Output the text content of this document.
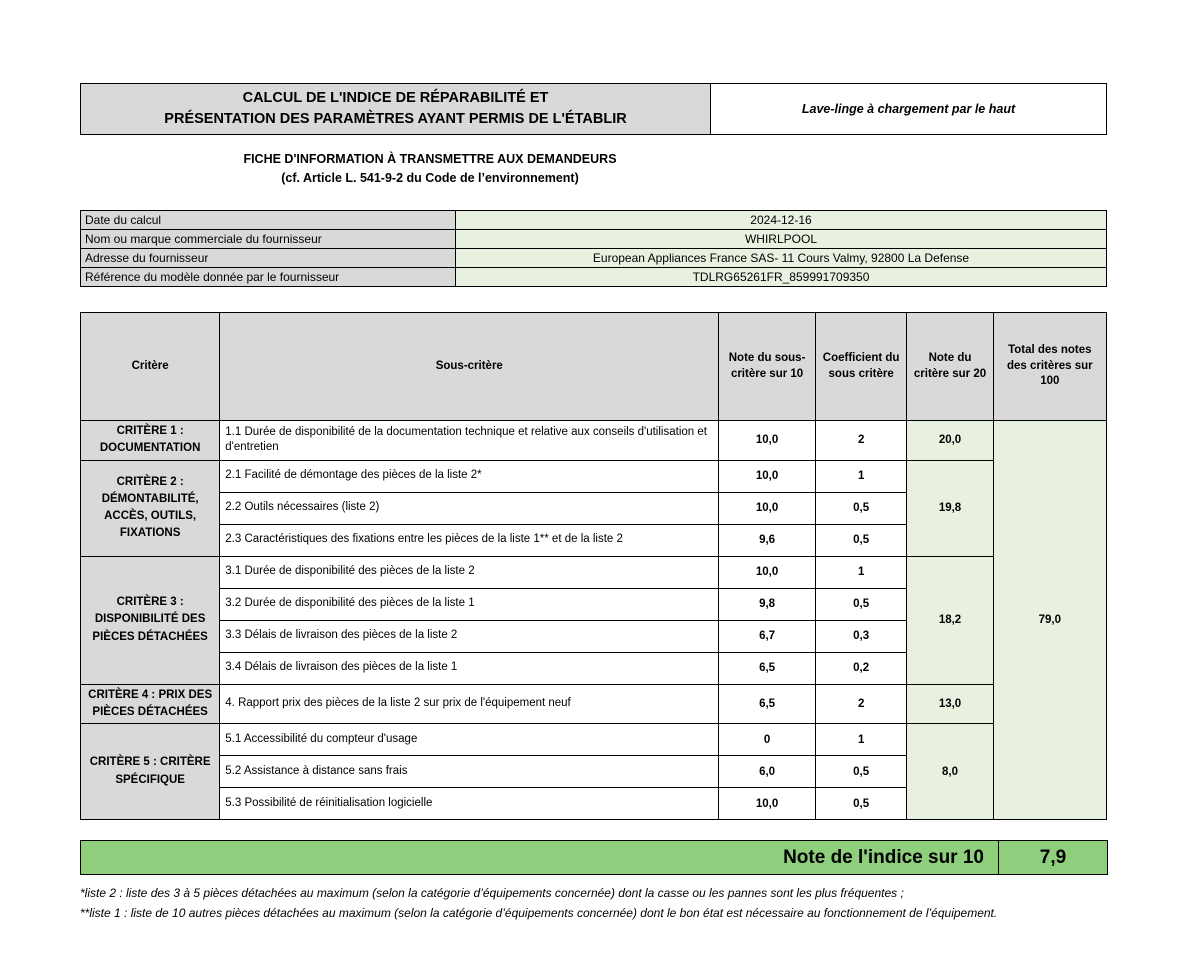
CALCUL DE L'INDICE DE RÉPARABILITÉ ET
PRÉSENTATION DES PARAMÈTRES AYANT PERMIS DE L'ÉTABLIR
Lave-linge à chargement par le haut
FICHE D'INFORMATION À TRANSMETTRE AUX DEMANDEURS
(cf. Article L. 541-9-2 du Code de l’environnement)
Date du calcul	2024-12-16
Nom ou marque commerciale du fournisseur	WHIRLPOOL
Adresse du fournisseur	European Appliances France SAS- 11 Cours Valmy, 92800 La Defense
Référence du modèle donnée par le fournisseur	TDLRG65261FR_859991709350
Critère	Sous-critère	Note du sous-critère sur 10	Coefficient du sous critère	Note du critère sur 20	Total des notes des critères sur 100
CRITÈRE 1 : DOCUMENTATION	1.1 Durée de disponibilité de la documentation technique et relative aux conseils d'utilisation et d'entretien	10,0	2	20,0	79,0
CRITÈRE 2 : DÉMONTABILITÉ, ACCÈS, OUTILS, FIXATIONS	2.1 Facilité de démontage des pièces de la liste 2*	10,0	1	19,8	
	2.2 Outils nécessaires (liste 2)	10,0	0,5		
	2.3 Caractéristiques des fixations entre les pièces de la liste 1** et de la liste 2	9,6	0,5		
CRITÈRE 3 : DISPONIBILITÉ DES PIÈCES DÉTACHÉES	3.1 Durée de disponibilité des pièces de la liste 2	10,0	1	18,2	
	3.2 Durée de disponibilité des pièces de la liste 1	9,8	0,5		
	3.3 Délais de livraison des pièces de la liste 2	6,7	0,3		
	3.4 Délais de livraison des pièces de la liste 1	6,5	0,2		
CRITÈRE 4 : PRIX DES PIÈCES DÉTACHÉES	4. Rapport prix des pièces de la liste 2 sur prix de l'équipement neuf	6,5	2	13,0	
CRITÈRE 5 : CRITÈRE SPÉCIFIQUE	5.1 Accessibilité du compteur d'usage	0	1	8,0	
	5.2 Assistance à distance sans frais	6,0	0,5		
	5.3 Possibilité de réinitialisation logicielle	10,0	0,5		
Note de l'indice sur 10	7,9

*liste 2 : liste des 3 à 5 pièces détachées au maximum (selon la catégorie d’équipements concernée) dont la casse ou les pannes sont les plus fréquentes ;

**liste 1 : liste de 10 autres pièces détachées au maximum (selon la catégorie d’équipements concernée) dont le bon état est nécessaire au fonctionnement de l’équipement.
